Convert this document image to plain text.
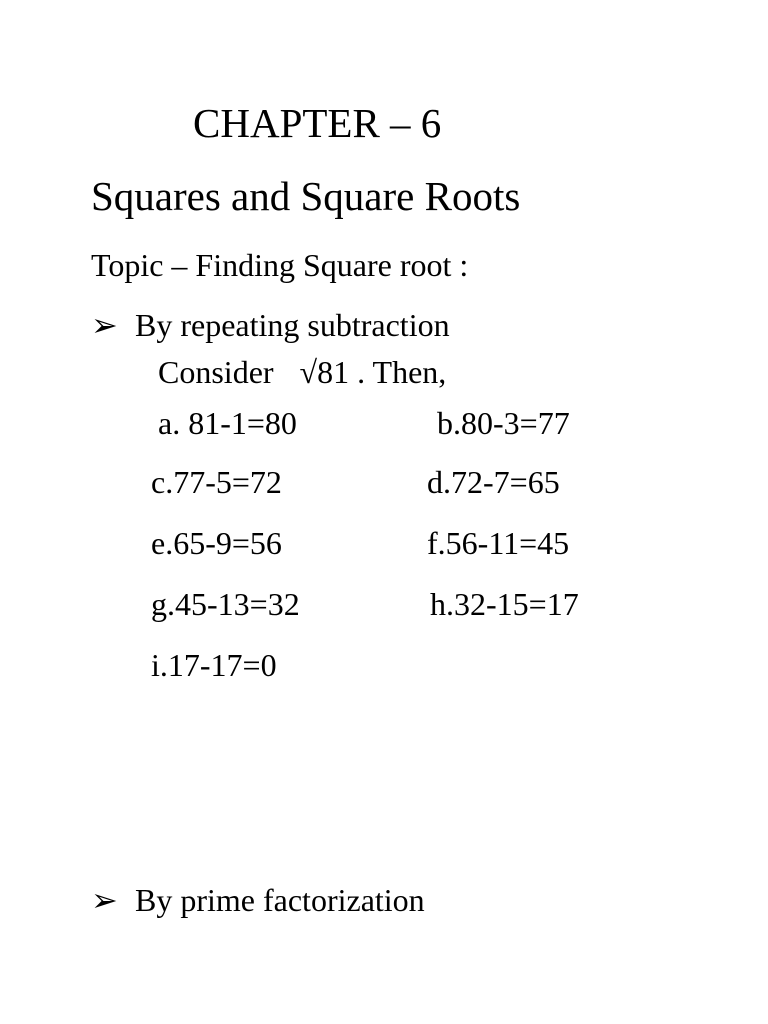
CHAPTER – 6
Squares and Square Roots
Topic – Finding Square root :
➢ By repeating subtraction
Consider √81 . Then,
a. 81-1=80	b.80-3=77
c.77-5=72	d.72-7=65
e.65-9=56	f.56-11=45
g.45-13=32	h.32-15=17
i.17-17=0
➢ By prime factorization
